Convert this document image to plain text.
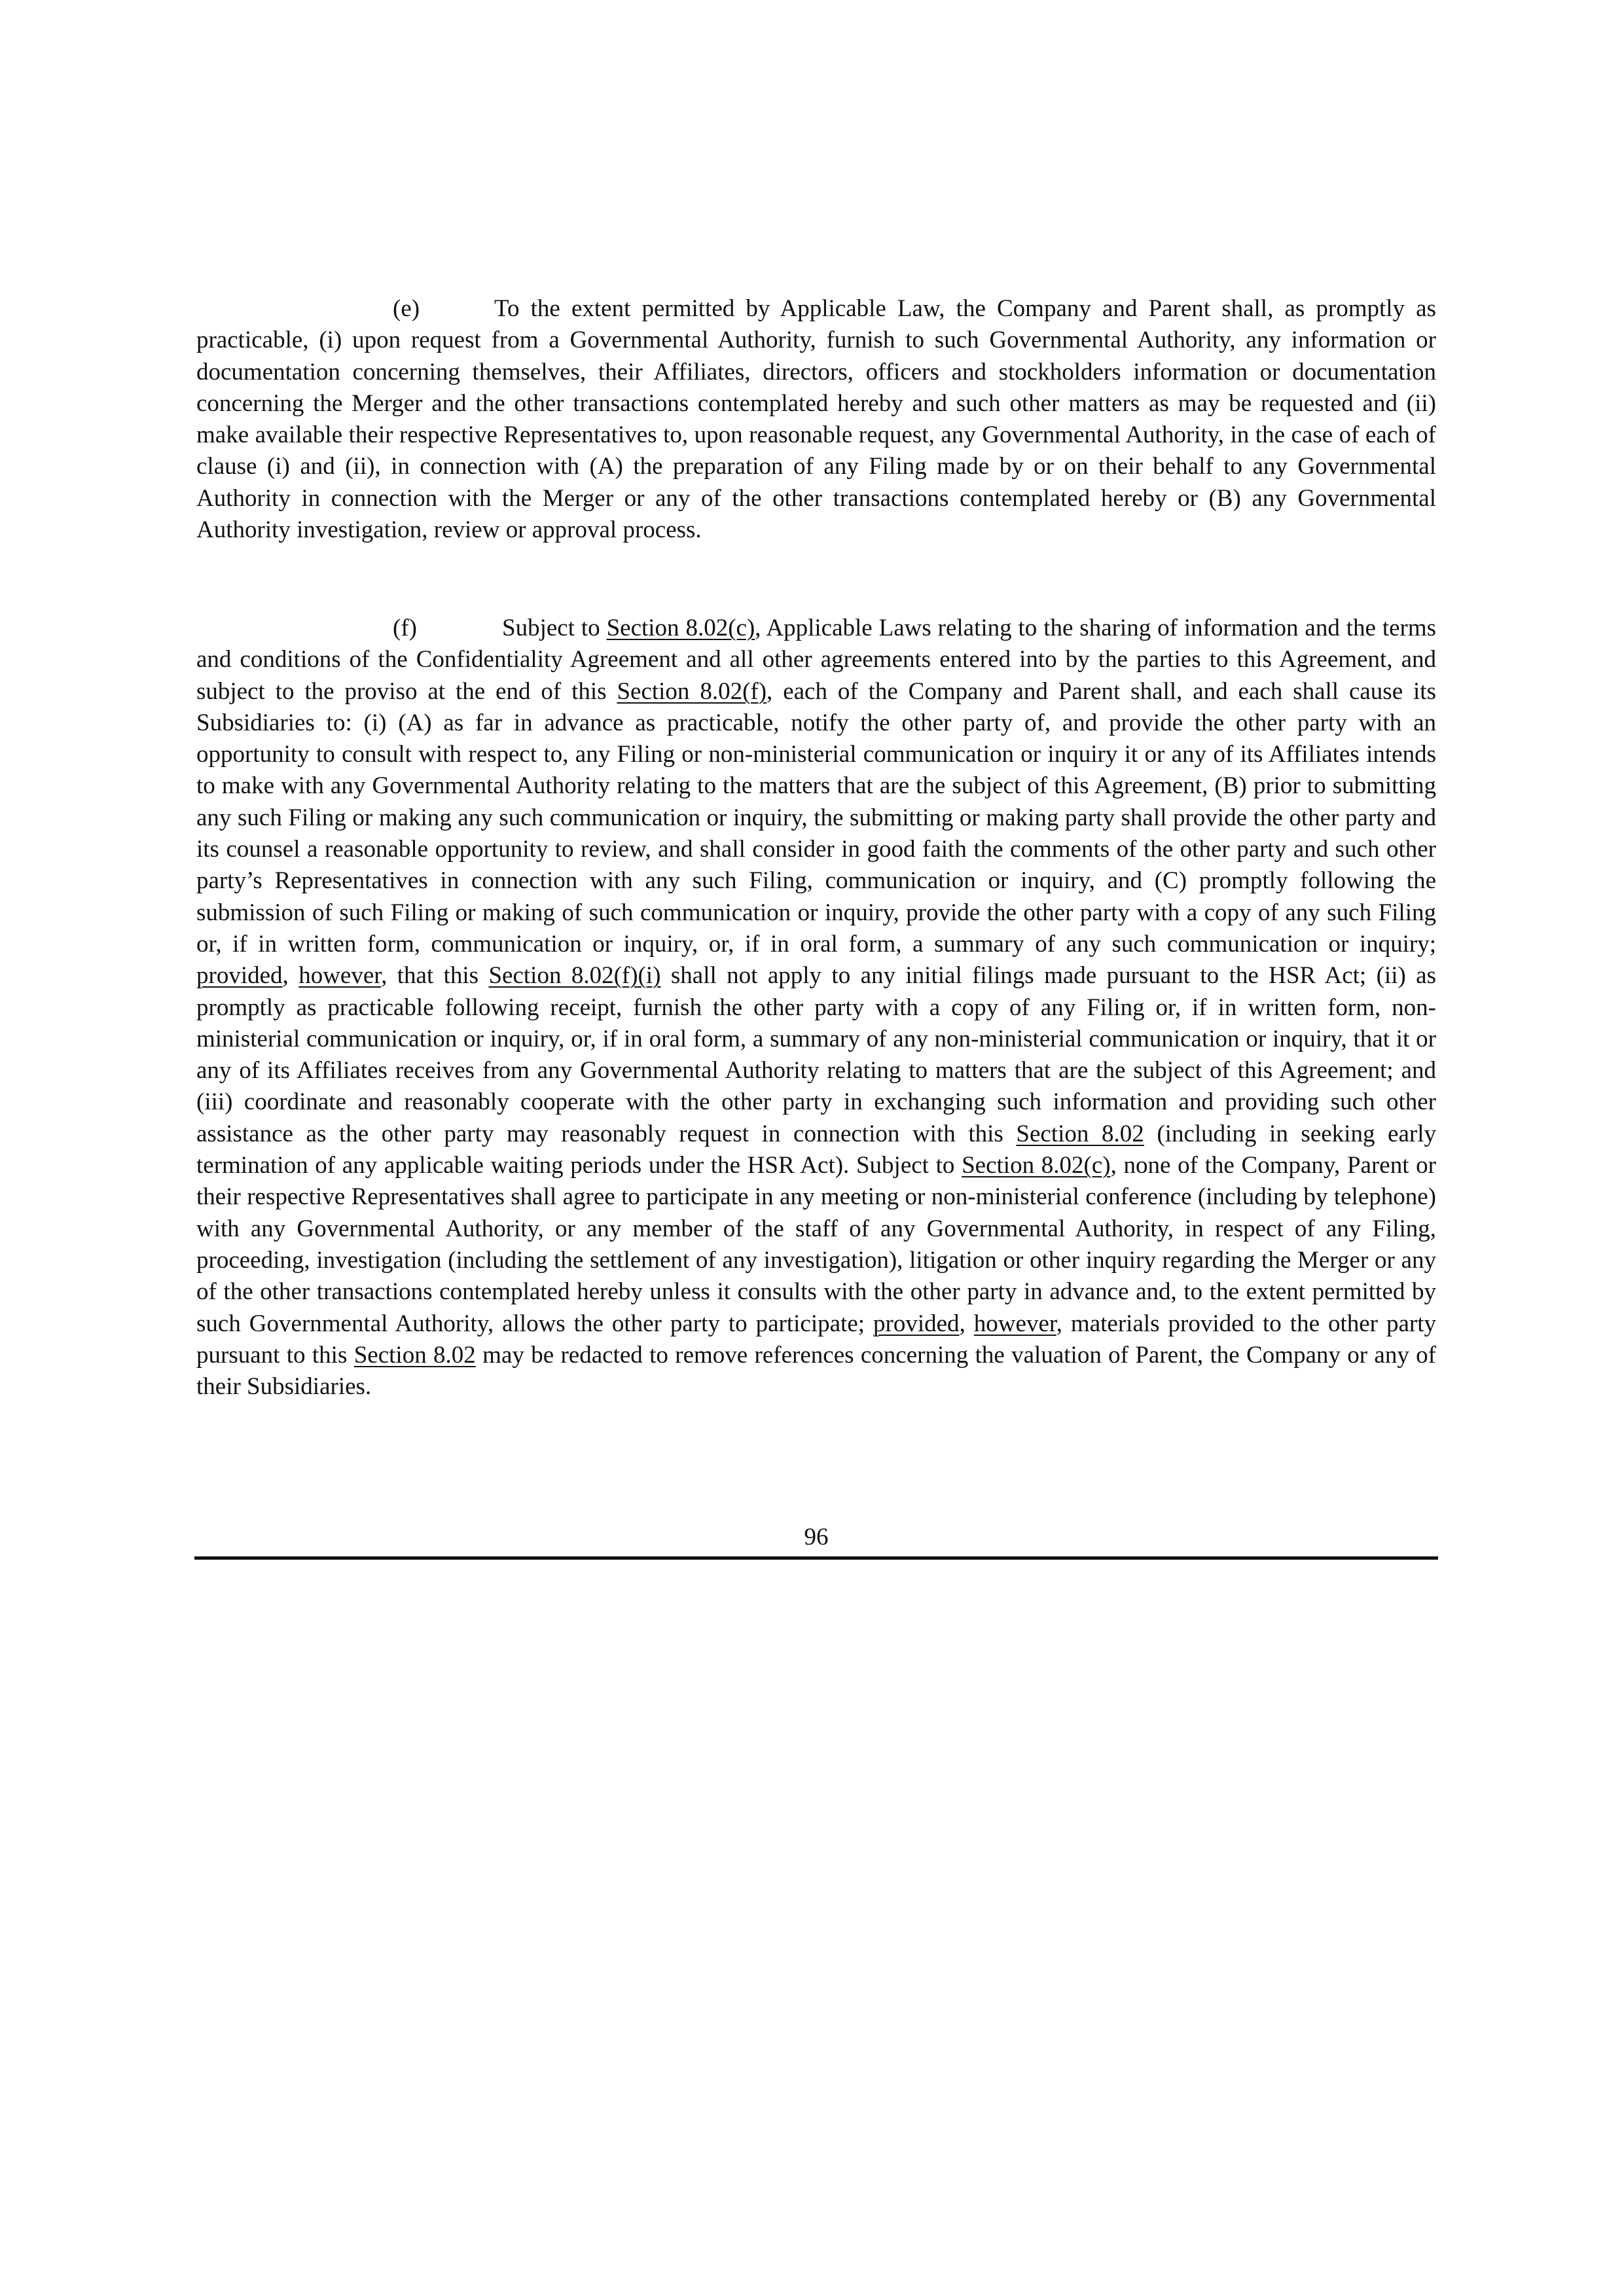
(e)	To the extent permitted by Applicable Law, the Company and Parent shall, as promptly as practicable, (i) upon request from a Governmental Authority, furnish to such Governmental Authority, any information or documentation concerning themselves, their Affiliates, directors, officers and stockholders information or documentation concerning the Merger and the other transactions contemplated hereby and such other matters as may be requested and (ii) make available their respective Representatives to, upon reasonable request, any Governmental Authority, in the case of each of clause (i) and (ii), in connection with (A) the preparation of any Filing made by or on their behalf to any Governmental Authority in connection with the Merger or any of the other transactions contemplated hereby or (B) any Governmental Authority investigation, review or approval process.

(f)	Subject to Section 8.02(c), Applicable Laws relating to the sharing of information and the terms and conditions of the Confidentiality Agreement and all other agreements entered into by the parties to this Agreement, and subject to the proviso at the end of this Section 8.02(f), each of the Company and Parent shall, and each shall cause its Subsidiaries to: (i) (A) as far in advance as practicable, notify the other party of, and provide the other party with an opportunity to consult with respect to, any Filing or non-ministerial communication or inquiry it or any of its Affiliates intends to make with any Governmental Authority relating to the matters that are the subject of this Agreement, (B) prior to submitting any such Filing or making any such communication or inquiry, the submitting or making party shall provide the other party and its counsel a reasonable opportunity to review, and shall consider in good faith the comments of the other party and such other party’s Representatives in connection with any such Filing, communication or inquiry, and (C) promptly following the submission of such Filing or making of such communication or inquiry, provide the other party with a copy of any such Filing or, if in written form, communication or inquiry, or, if in oral form, a summary of any such communication or inquiry; provided, however, that this Section 8.02(f)(i) shall not apply to any initial filings made pursuant to the HSR Act; (ii) as promptly as practicable following receipt, furnish the other party with a copy of any Filing or, if in written form, non-ministerial communication or inquiry, or, if in oral form, a summary of any non-ministerial communication or inquiry, that it or any of its Affiliates receives from any Governmental Authority relating to matters that are the subject of this Agreement; and (iii) coordinate and reasonably cooperate with the other party in exchanging such information and providing such other assistance as the other party may reasonably request in connection with this Section 8.02 (including in seeking early termination of any applicable waiting periods under the HSR Act). Subject to Section 8.02(c), none of the Company, Parent or their respective Representatives shall agree to participate in any meeting or non-ministerial conference (including by telephone) with any Governmental Authority, or any member of the staff of any Governmental Authority, in respect of any Filing, proceeding, investigation (including the settlement of any investigation), litigation or other inquiry regarding the Merger or any of the other transactions contemplated hereby unless it consults with the other party in advance and, to the extent permitted by such Governmental Authority, allows the other party to participate; provided, however, materials provided to the other party pursuant to this Section 8.02 may be redacted to remove references concerning the valuation of Parent, the Company or any of their Subsidiaries.

96
